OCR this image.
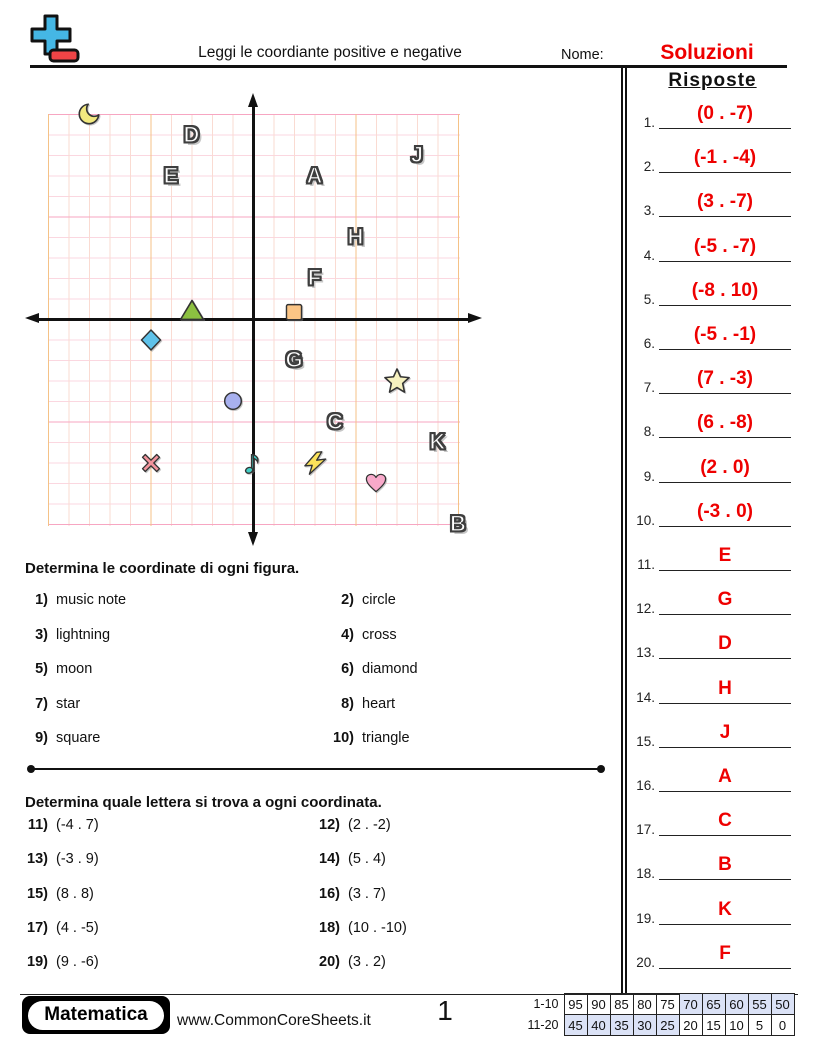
Leggi le coordiante positive e negative	Nome:	Soluzioni
A
B
C
D
E
F
G
H
J
K
Determina le coordinate di ogni figura.
1) music note	2) circle
3) lightning	4) cross
5) moon	6) diamond
7) star	8) heart
9) square	10) triangle
Determina quale lettera si trova a ogni coordinata.
11) (-4 . 7)	12) (2 . -2)
13) (-3 . 9)	14) (5 . 4)
15) (8 . 8)	16) (3 . 7)
17) (4 . -5)	18) (10 . -10)
19) (9 . -6)	20) (3 . 2)
Risposte
1. (0 . -7)
2. (-1 . -4)
3. (3 . -7)
4. (-5 . -7)
5. (-8 . 10)
6. (-5 . -1)
7. (7 . -3)
8. (6 . -8)
9. (2 . 0)
10. (-3 . 0)
11.	E
12.	G
13.	D
14.	H
15.	J
16.	A
17.	C
18.	B
19.	K
20.	F
Matematica	www.CommonCoreSheets.it	1	1-10	95	90	85	80	75	70	65	60	55	50
11-20	45	40	35	30	25	20	15	10	5	0
